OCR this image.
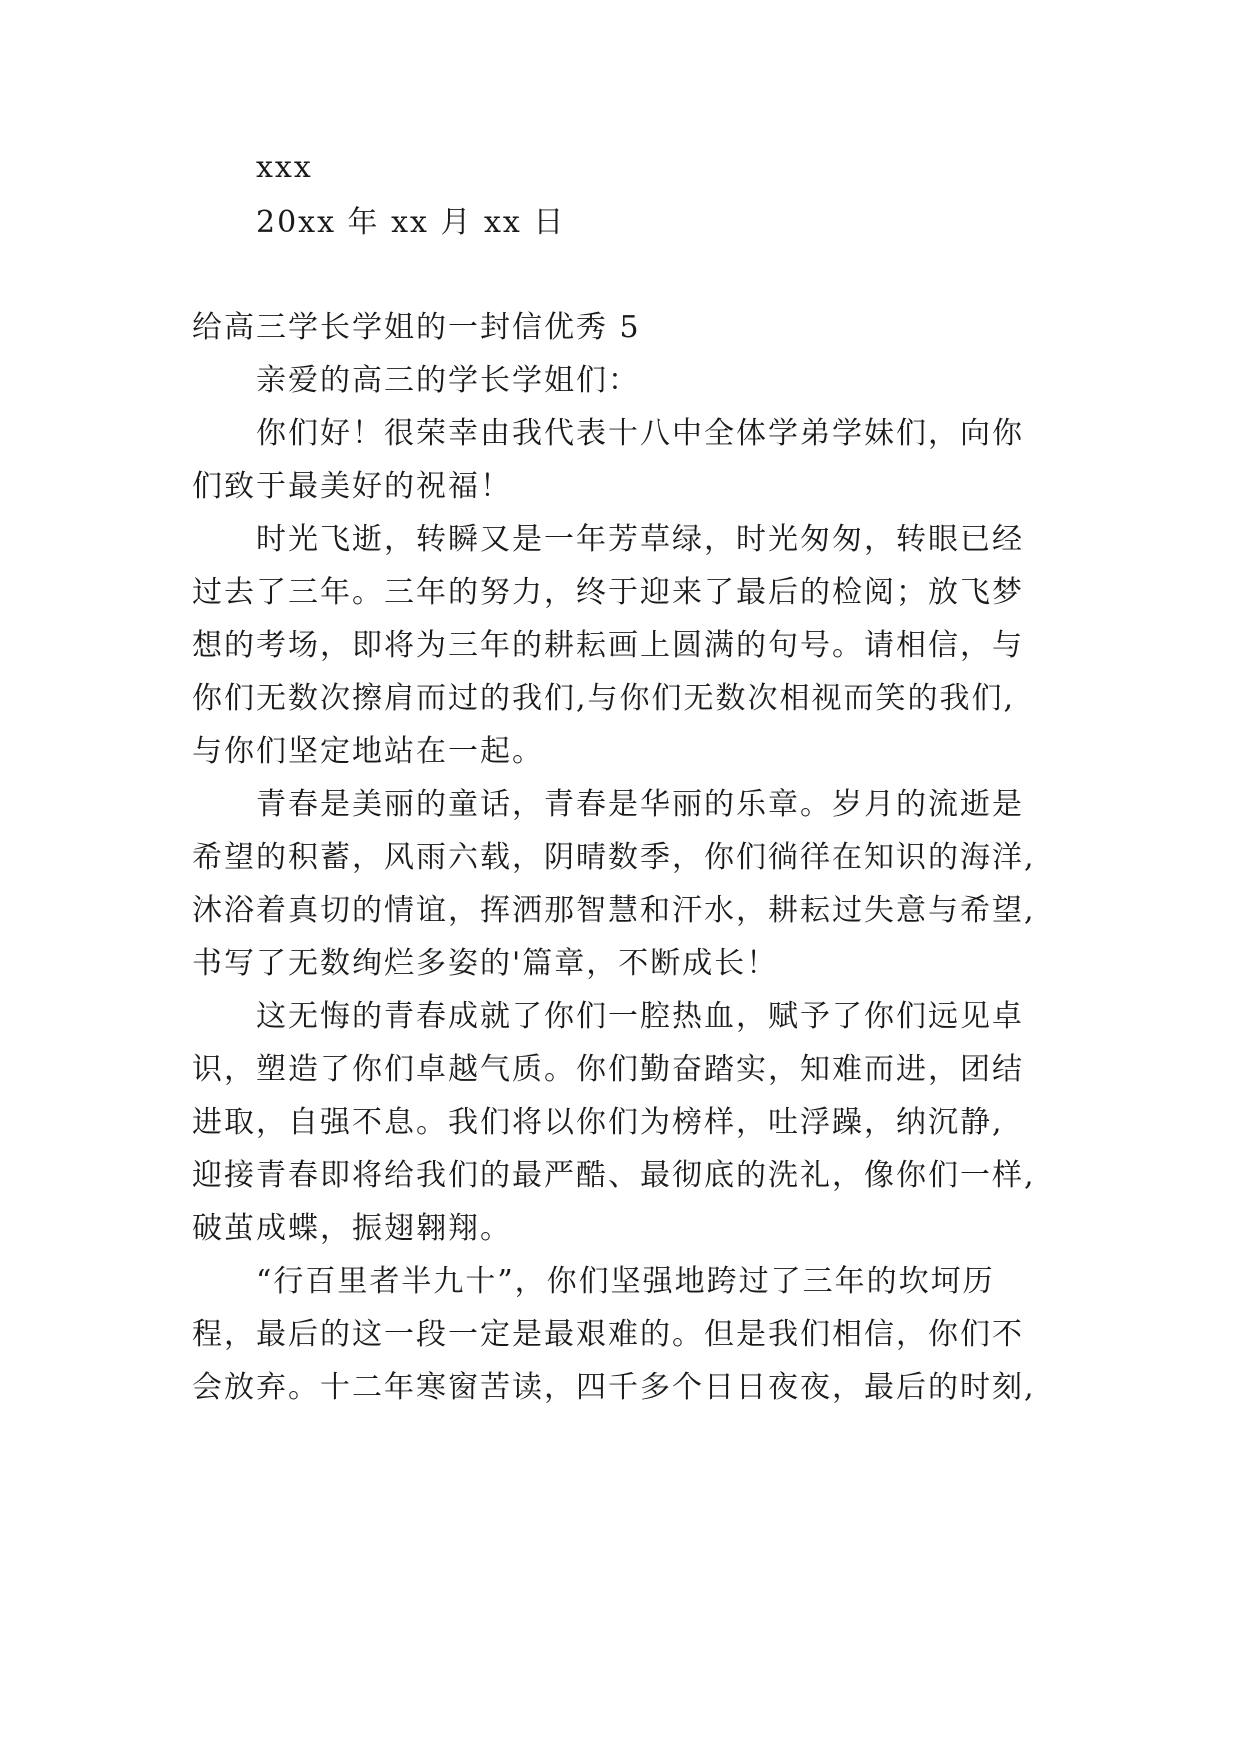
xxx
20xx 年 xx 月 xx 日
给高三学长学姐的一封信优秀 5
亲爱的高三的学长学姐们：
你们好！很荣幸由我代表十八中全体学弟学妹们，向你
们致于最美好的祝福！
时光飞逝，转瞬又是一年芳草绿，时光匆匆，转眼已经
过去了三年。三年的努力，终于迎来了最后的检阅；放飞梦
想的考场，即将为三年的耕耘画上圆满的句号。请相信，与
你们无数次擦肩而过的我们,与你们无数次相视而笑的我们,
与你们坚定地站在一起。
青春是美丽的童话，青春是华丽的乐章。岁月的流逝是
希望的积蓄，风雨六载，阴晴数季，你们徜徉在知识的海洋,
沐浴着真切的情谊，挥洒那智慧和汗水，耕耘过失意与希望,
书写了无数绚烂多姿的'篇章，不断成长！
这无悔的青春成就了你们一腔热血，赋予了你们远见卓
识，塑造了你们卓越气质。你们勤奋踏实，知难而进，团结
进取，自强不息。我们将以你们为榜样，吐浮躁，纳沉静,
迎接青春即将给我们的最严酷、最彻底的洗礼，像你们一样,
破茧成蝶，振翅翱翔。
“行百里者半九十”，你们坚强地跨过了三年的坎坷历
程，最后的这一段一定是最艰难的。但是我们相信，你们不
会放弃。十二年寒窗苦读，四千多个日日夜夜，最后的时刻,
